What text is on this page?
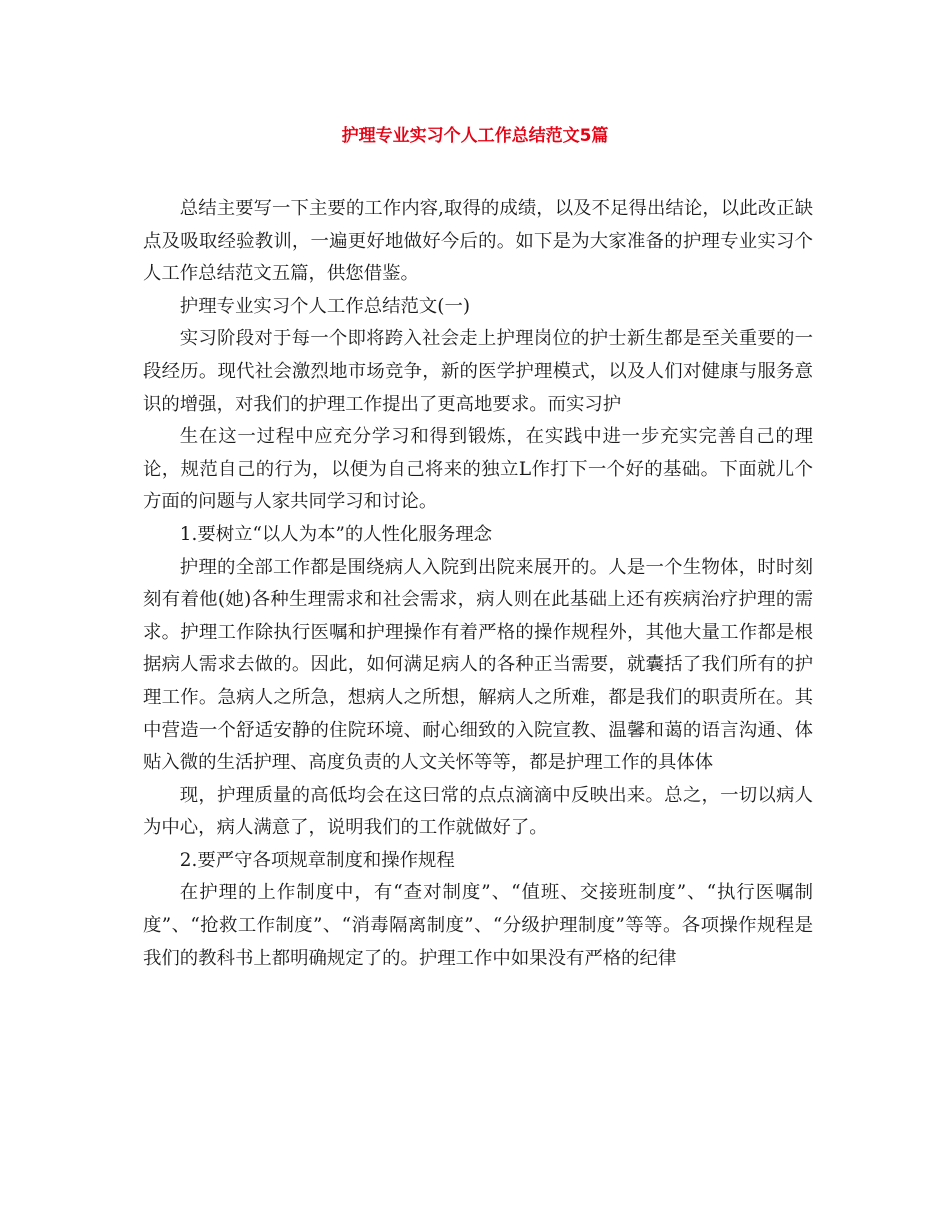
护理专业实习个人工作总结范文5篇

总结主要写一下主要的工作内容,取得的成绩，以及不足得出结论，以此改正缺点及吸取经验教训，一遍更好地做好今后的。如下是为大家准备的护理专业实习个人工作总结范文五篇，供您借鉴。

护理专业实习个人工作总结范文(一)

实习阶段对于每一个即将跨入社会走上护理岗位的护士新生都是至关重要的一段经历。现代社会激烈地市场竞争，新的医学护理模式，以及人们对健康与服务意识的增强，对我们的护理工作提出了更高地要求。而实习护

生在这一过程中应充分学习和得到锻炼，在实践中进一步充实完善自己的理论，规范自己的行为，以便为自己将来的独立L作打下一个好的基础。下面就儿个方面的问题与人家共同学习和讨论。

1.要树立“以人为本”的人性化服务理念

护理的全部工作都是围绕病人入院到出院来展开的。人是一个生物体，时时刻刻有着他(她)各种生理需求和社会需求，病人则在此基础上还有疾病治疗护理的需求。护理工作除执行医嘱和护理操作有着严格的操作规程外，其他大量工作都是根据病人需求去做的。因此，如何满足病人的各种正当需要，就囊括了我们所有的护理工作。急病人之所急，想病人之所想，解病人之所难，都是我们的职责所在。其中营造一个舒适安静的住院环境、耐心细致的入院宣教、温馨和蔼的语言沟通、体贴入微的生活护理、高度负责的人文关怀等等，都是护理工作的具体体

现，护理质量的高低均会在这曰常的点点滴滴中反映出来。总之，一切以病人为中心，病人满意了，说明我们的工作就做好了。

2.要严守各项规章制度和操作规程

在护理的上作制度中，有“查对制度”、“值班、交接班制度”、“执行医嘱制度”、“抢救工作制度”、“消毒隔离制度”、“分级护理制度”等等。各项操作规程是我们的教科书上都明确规定了的。护理工作中如果没有严格的纪律
